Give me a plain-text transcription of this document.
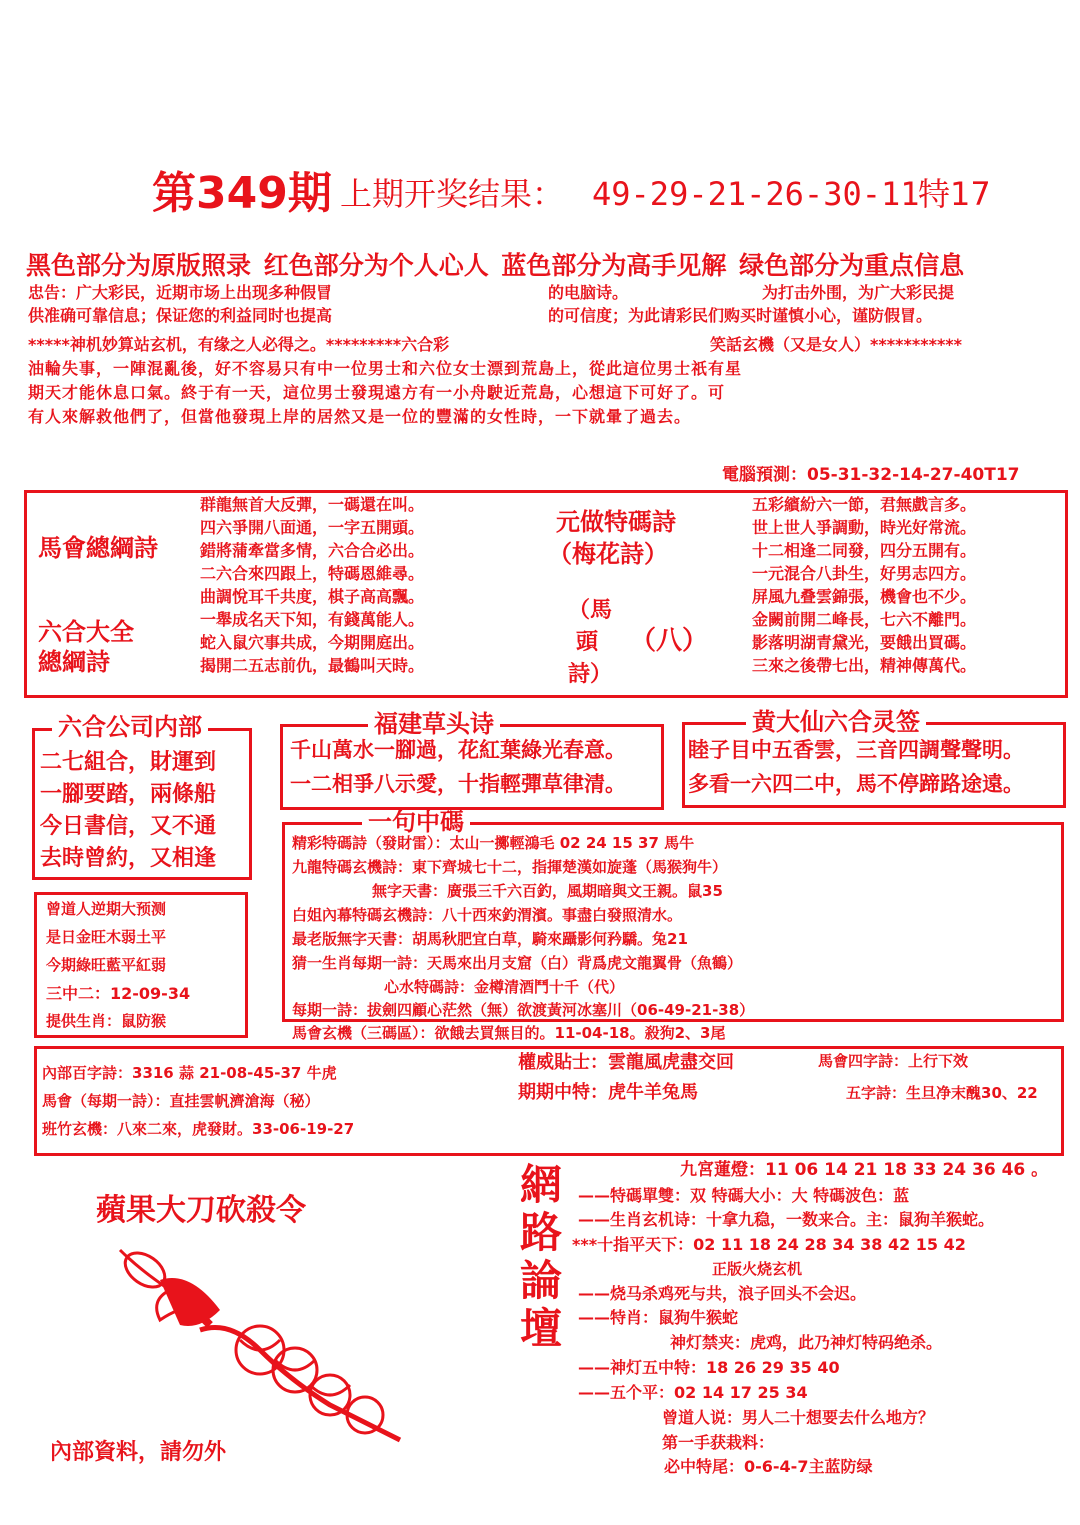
第349期 上期开奖结果： 49-29-21-26-30-11
特17
黑色部分为原版照录 红色部分为个人心人 蓝色部分为高手见解 绿色部分为重点信息
忠告：广大彩民，近期市场上出现多种假冒	的电脑诗。	为打击外围，为广大彩民提
供准确可靠信息；保证您的利益同时也提高	的可信度；为此请彩民们购买时谨慎小心，谨防假冒。
*****神机妙算站玄机，有缘之人必得之。*********六合彩	笑話玄機（又是女人）***********
油輪失事，一陣混亂後，好不容易只有中一位男士和六位女士漂到荒島上，從此這位男士祇有星
期天才能休息口氣。終于有一天，這位男士發現遠方有一小舟駛近荒島，心想這下可好了。可
有人來解救他們了，但當他發現上岸的居然又是一位的豐滿的女性時，一下就暈了過去。
電腦預測：05-31-32-14-27-40T17
馬會總綱詩
六合大全
總綱詩
群龍無首大反彈，一碼還在叫。
四六爭開八面通，一字五開頭。
錯將蒲牽當多情，六合合必出。
二六合來四跟上，特碼恩維尋。
曲調悅耳千共度，棋子高高飄。
一舉成名天下知，有錢萬能人。
蛇入鼠穴事共成，今期開庭出。
揭開二五志前仇，最鶴叫天時。
元做特碼詩
（梅花詩）
（馬
頭
詩）
（八）
五彩繽紛六一節，君無戲言多。
世上世人爭調動，時光好常流。
十二相逢二同發，四分五開有。
一元混合八卦生，好男志四方。
屏風九叠雲錦張，機會也不少。
金闕前開二峰長，七六不離門。
影落明湖青黛光，要餓出買碼。
三來之後帶七出，精神傳萬代。
六合公司内部
二七組合，財運到
一腳要踏，兩條船
今日書信，又不通
去時曾約，又相逢
福建草头诗
千山萬水一腳過，花紅葉綠光春意。
一二相爭八示愛，十指輕彈草律清。
黄大仙六合灵签
睦子目中五香雲，三音四調聲聲明。
多看一六四二中，馬不停蹄路途遠。
一句中碼
精彩特碼詩（發財雷）：太山一擲輕鴻毛 02 24 15 37 馬牛
九龍特碼玄機詩：東下齊城七十二，指揮楚漢如旋蓬（馬猴狗牛）
無字天書：廣張三千六百釣，風期暗與文王親。鼠35
白姐內幕特碼玄機詩：八十西來釣渭濱。事盡白發照清水。
最老版無字天書：胡馬秋肥宜白草，騎來躡影何矜驕。兔21
猜一生肖每期一詩：天馬來出月支窟（白）背爲虎文龍翼骨（魚鶴）
心水特碼詩：金樽清酒鬥十千（代）
每期一詩：拔劍四顧心茫然（無）欲渡黃河冰塞川（06-49-21-38）
馬會玄機（三碼區）：欲餓去買無目的。11-04-18。殺狗2、3尾
曾道人逆期大预测
是日金旺木弱土平
今期綠旺藍平紅弱
三中二：12-09-34
提供生肖：鼠防猴
內部百字詩：3316 蒜 21-08-45-37 牛虎
馬會（每期一詩）：直挂雲帆濟滄海（秘）
班竹玄機：八來二來，虎發財。33-06-19-27
權威貼士：雲龍風虎盡交回
期期中特：虎牛羊兔馬
馬會四字詩：上行下效
五字詩：生旦净末醜30、22
蘋果大刀砍殺令
內部資料，請勿外
網
路
論
壇
九宮蓮燈：11 06 14 21 18 33 24 36 46 。
——特碼單雙：双 特碼大小：大 特碼波色：蓝
——生肖玄机诗：十拿九稳，一数来合。主：鼠狗羊猴蛇。
***十指平天下：02 11 18 24 28 34 38 42 15 42
正版火烧玄机
——烧马杀鸡死与共，浪子回头不会迟。
——特肖：鼠狗牛猴蛇
神灯禁夹：虎鸡，此乃神灯特码绝杀。
——神灯五中特：18 26 29 35 40
——五个平：02 14 17 25 34
曾道人说：男人二十想要去什么地方？
第一手获栽料：
必中特尾：0-6-4-7主蓝防绿
